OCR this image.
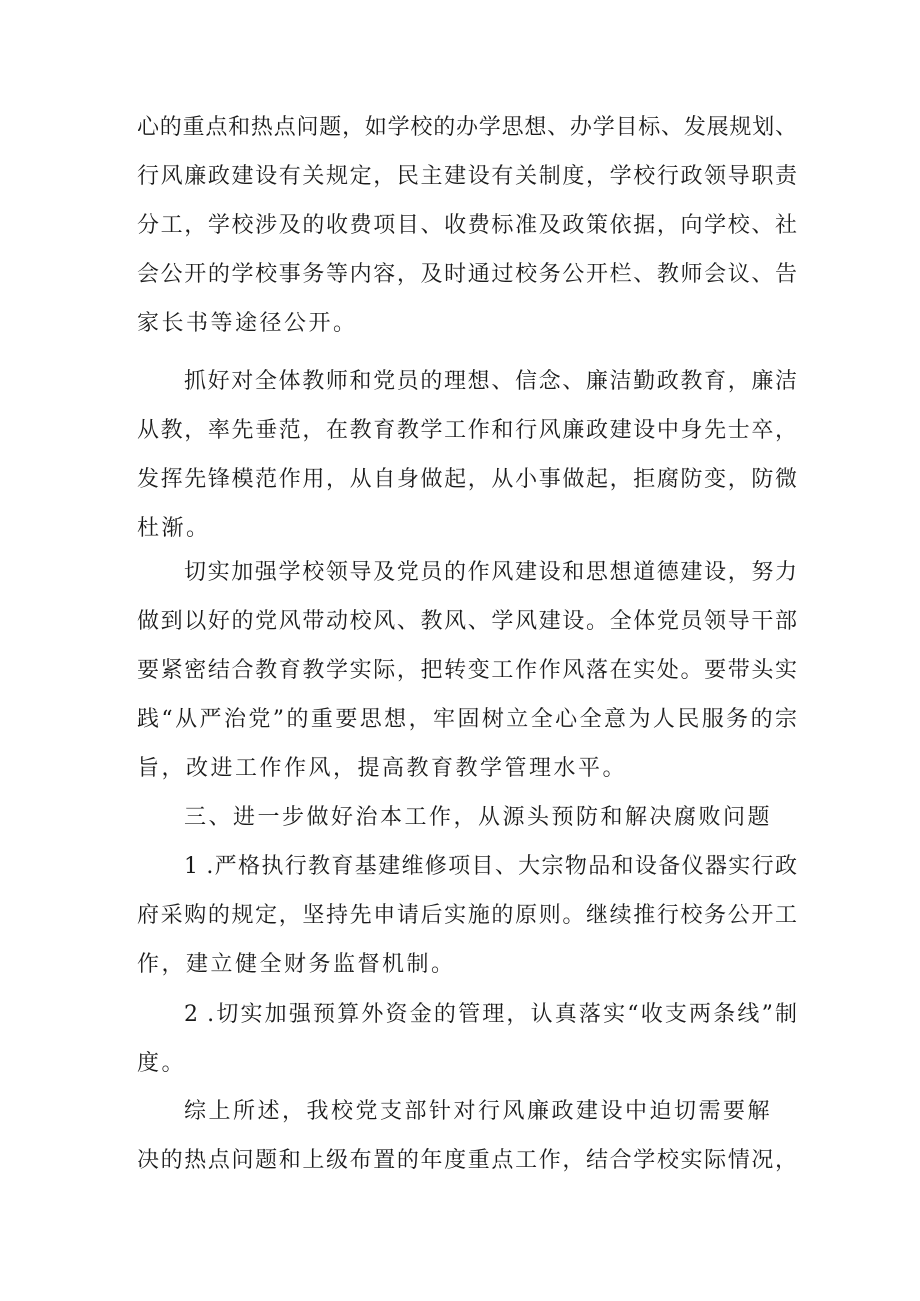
心的重点和热点问题，如学校的办学思想、办学目标、发展规划、
行风廉政建设有关规定，民主建设有关制度，学校行政领导职责
分工，学校涉及的收费项目、收费标准及政策依据，向学校、社
会公开的学校事务等内容，及时通过校务公开栏、教师会议、告
家长书等途径公开。
抓好对全体教师和党员的理想、信念、廉洁勤政教育，廉洁
从教，率先垂范，在教育教学工作和行风廉政建设中身先士卒，
发挥先锋模范作用，从自身做起，从小事做起，拒腐防变，防微
杜渐。
切实加强学校领导及党员的作风建设和思想道德建设，努力
做到以好的党风带动校风、教风、学风建设。全体党员领导干部
要紧密结合教育教学实际，把转变工作作风落在实处。要带头实
践“从严治党”的重要思想，牢固树立全心全意为人民服务的宗
旨，改进工作作风，提高教育教学管理水平。
三、进一步做好治本工作，从源头预防和解决腐败问题
1 .严格执行教育基建维修项目、大宗物品和设备仪器实行政
府采购的规定，坚持先申请后实施的原则。继续推行校务公开工
作，建立健全财务监督机制。
2 .切实加强预算外资金的管理，认真落实“收支两条线”制
度。
综上所述，我校党支部针对行风廉政建设中迫切需要解
决的热点问题和上级布置的年度重点工作，结合学校实际情况，
